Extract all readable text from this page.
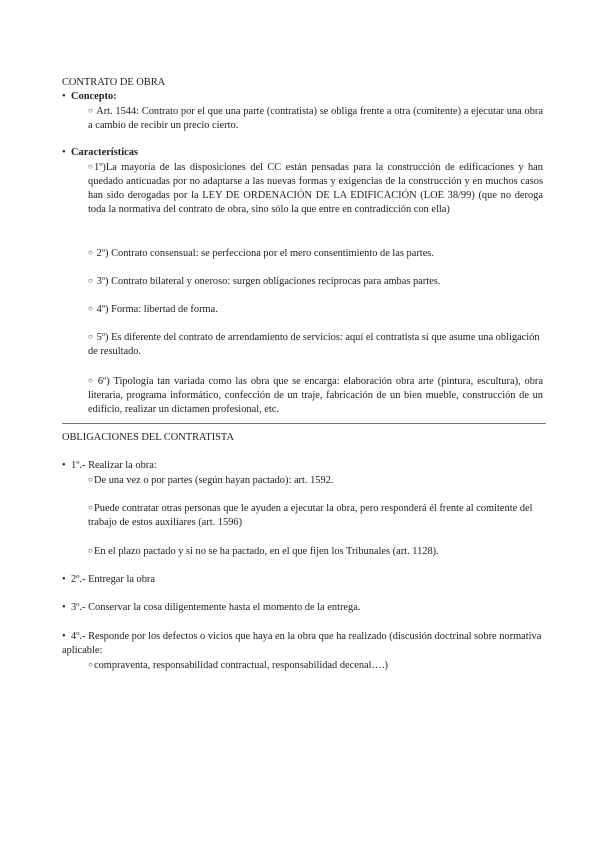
CONTRATO DE OBRA
• Concepto:
○ Art. 1544: Contrato por el que una parte (contratista) se obliga frente a otra (comitente) a ejecutar una obra a cambio de recibir un precio cierto.
• Características
○1º)La mayoría de las disposiciones del CC están pensadas para la construcción de edificaciones y han quedado anticuadas por no adaptarse a las nuevas formas y exigencias de la construcción y en muchos casos han sido derogadas por la LEY DE ORDENACIÓN DE LA EDIFICACIÓN (LOE 38/99) (que no deroga toda la normativa del contrato de obra, sino sólo la que entre en contradicción con ella)
○ 2º) Contrato consensual: se perfecciona por el mero consentimiento de las partes.
○ 3º) Contrato bilateral y oneroso: surgen obligaciones recíprocas para ambas partes.
○ 4º) Forma: libertad de forma.
○ 5º) Es diferente del contrato de arrendamiento de servicios: aquí el contratista sí que asume una obligación de resultado.
○ 6º) Tipología tan variada como las obra que se encarga: elaboración obra arte (pintura, escultura), obra literaria, programa informático, confección de un traje, fabricación de un bien mueble, construcción de un edificio, realizar un dictamen profesional, etc.
OBLIGACIONES DEL CONTRATISTA
• 1º.- Realizar la obra:
○De una vez o por partes (según hayan pactado): art. 1592.
○Puede contratar otras personas que le ayuden a ejecutar la obra, pero responderá él frente al comitente del trabajo de estos auxiliares (art. 1596)
○En el plazo pactado y si no se ha pactado, en el que fijen los Tribunales (art. 1128).
• 2º.- Entregar la obra
• 3º.- Conservar la cosa diligentemente hasta el momento de la entrega.
• 4º.- Responde por los defectos o vicios que haya en la obra que ha realizado (discusión doctrinal sobre normativa aplicable:
○compraventa, responsabilidad contractual, responsabilidad decenal….)
